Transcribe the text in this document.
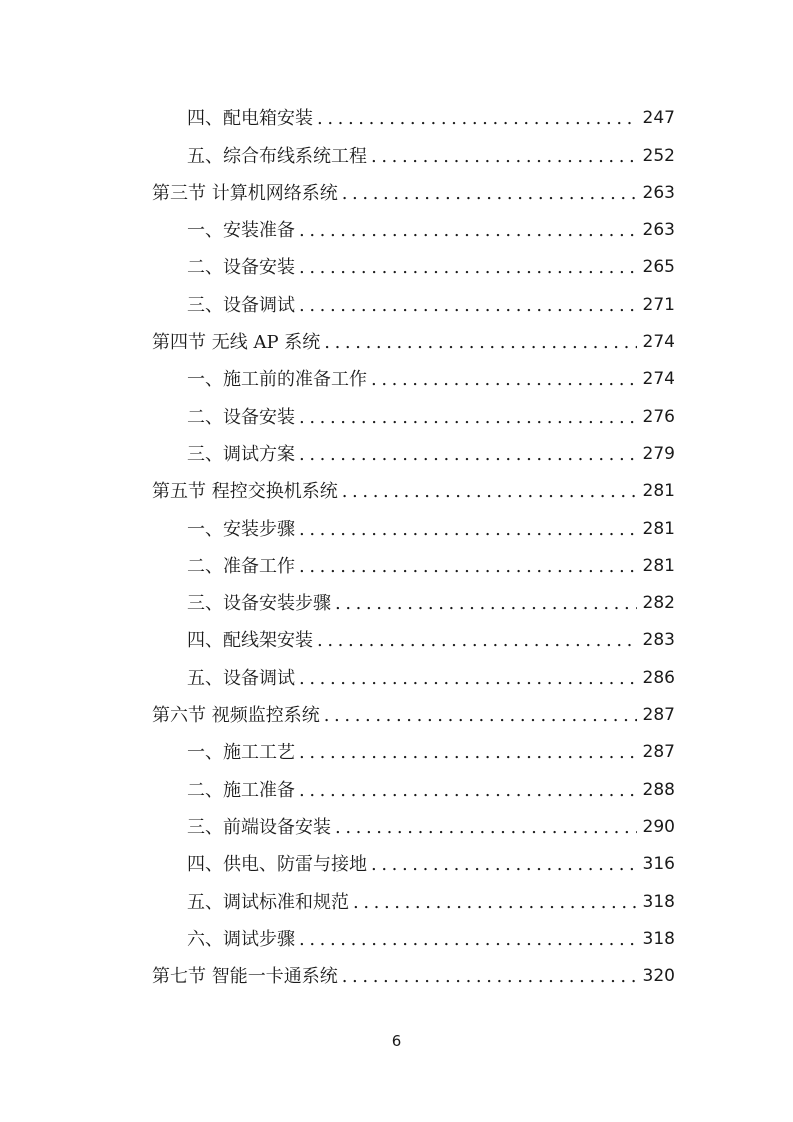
四、配电箱安装 .....	247
五、综合布线系统工程 .....	252
第三节 计算机网络系统 .....	263
一、安装准备 .....	263
二、设备安装 .....	265
三、设备调试 .....	271
第四节 无线 AP 系统 .....	274
一、施工前的准备工作 .....	274
二、设备安装 .....	276
三、调试方案 .....	279
第五节 程控交换机系统 .....	281
一、安装步骤 .....	281
二、准备工作 .....	281
三、设备安装步骤 .....	282
四、配线架安装 .....	283
五、设备调试 .....	286
第六节 视频监控系统 .....	287
一、施工工艺 .....	287
二、施工准备 .....	288
三、前端设备安装 .....	290
四、供电、防雷与接地 .....	316
五、调试标准和规范 .....	318
六、调试步骤 .....	318
第七节 智能一卡通系统 .....	320
6
